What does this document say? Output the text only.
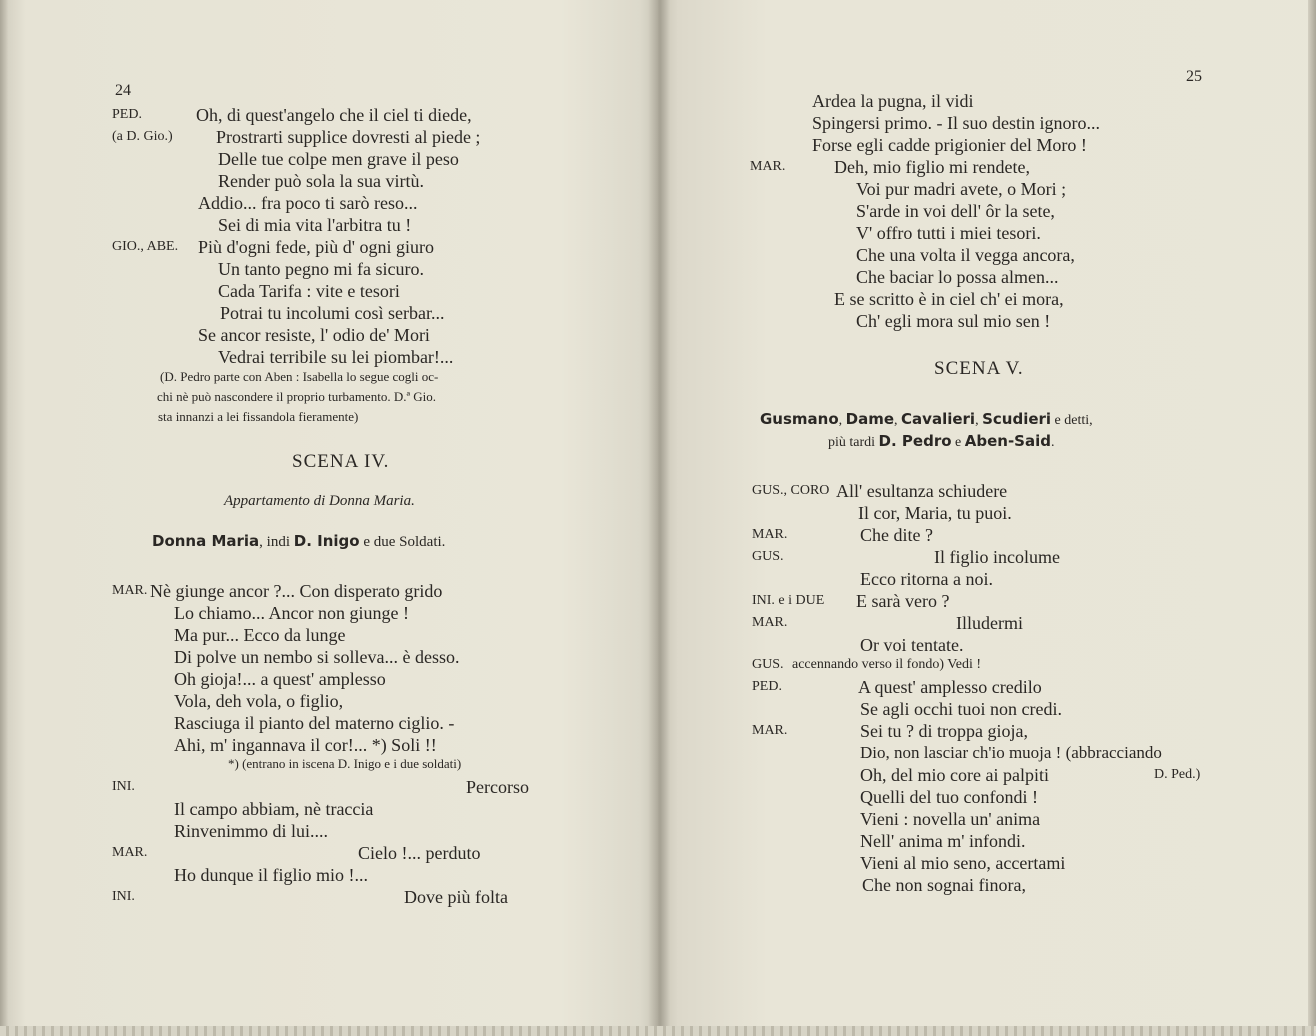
24
PED.	Oh, di quest'angelo che il ciel ti diede,
(a D. Gio.) Prostrarti supplice dovresti al piede ;
Delle tue colpe men grave il peso
Render può sola la sua virtù.
Addio... fra poco ti sarò reso...
Sei di mia vita l'arbitra tu !
GIO., ABE. Più d'ogni fede, più d' ogni giuro
Un tanto pegno mi fa sicuro.
Cada Tarifa : vite e tesori
Potrai tu incolumi così serbar...
Se ancor resiste, l' odio de' Mori
Vedrai terribile su lei piombar!...
(D. Pedro parte con Aben : Isabella lo segue cogli oc-
chi nè può nascondere il proprio turbamento. D.ª Gio.
sta innanzi a lei fissandola fieramente)
SCENA IV.
Appartamento di Donna Maria.
Donna Maria, indi D. Inigo e due Soldati.
MAR. Nè giunge ancor ?... Con disperato grido
Lo chiamo... Ancor non giunge !
Ma pur... Ecco da lunge
Di polve un nembo si solleva... è desso.
Oh gioja!... a quest' amplesso
Vola, deh vola, o figlio,
Rasciuga il pianto del materno ciglio. -
Ahi, m' ingannava il cor!... *) Soli !!
*) (entrano in iscena D. Inigo e i due soldati)
INI.	Percorso
Il campo abbiam, nè traccia
Rinvenimmo di lui....
MAR.	Cielo !... perduto
Ho dunque il figlio mio !...
INI.	Dove più folta
25
Ardea la pugna, il vidi
Spingersi primo. - Il suo destin ignoro...
Forse egli cadde prigionier del Moro !
MAR.	Deh, mio figlio mi rendete,
Voi pur madri avete, o Mori ;
S'arde in voi dell' ôr la sete,
V' offro tutti i miei tesori.
Che una volta il vegga ancora,
Che baciar lo possa almen...
E se scritto è in ciel ch' ei mora,
Ch' egli mora sul mio sen !
SCENA V.
Gusmano, Dame, Cavalieri, Scudieri e detti,
più tardi D. Pedro e Aben-Said.
GUS., CORO All' esultanza schiudere
Il cor, Maria, tu puoi.
MAR.	Che dite ?
GUS.	Il figlio incolume
Ecco ritorna a noi.
INI. e i DUE E sarà vero ?
MAR.	Illudermi
Or voi tentate.
GUS. accennando verso il fondo) Vedi !
PED.	A quest' amplesso credilo
Se agli occhi tuoi non credi.
MAR.	Sei tu ? di troppa gioja,
Dio, non lasciar ch'io muoja ! (abbracciando
Oh, del mio core ai palpiti	D. Ped.)
Quelli del tuo confondi !
Vieni : novella un' anima
Nell' anima m' infondi.
Vieni al mio seno, accertami
Che non sognai finora,
